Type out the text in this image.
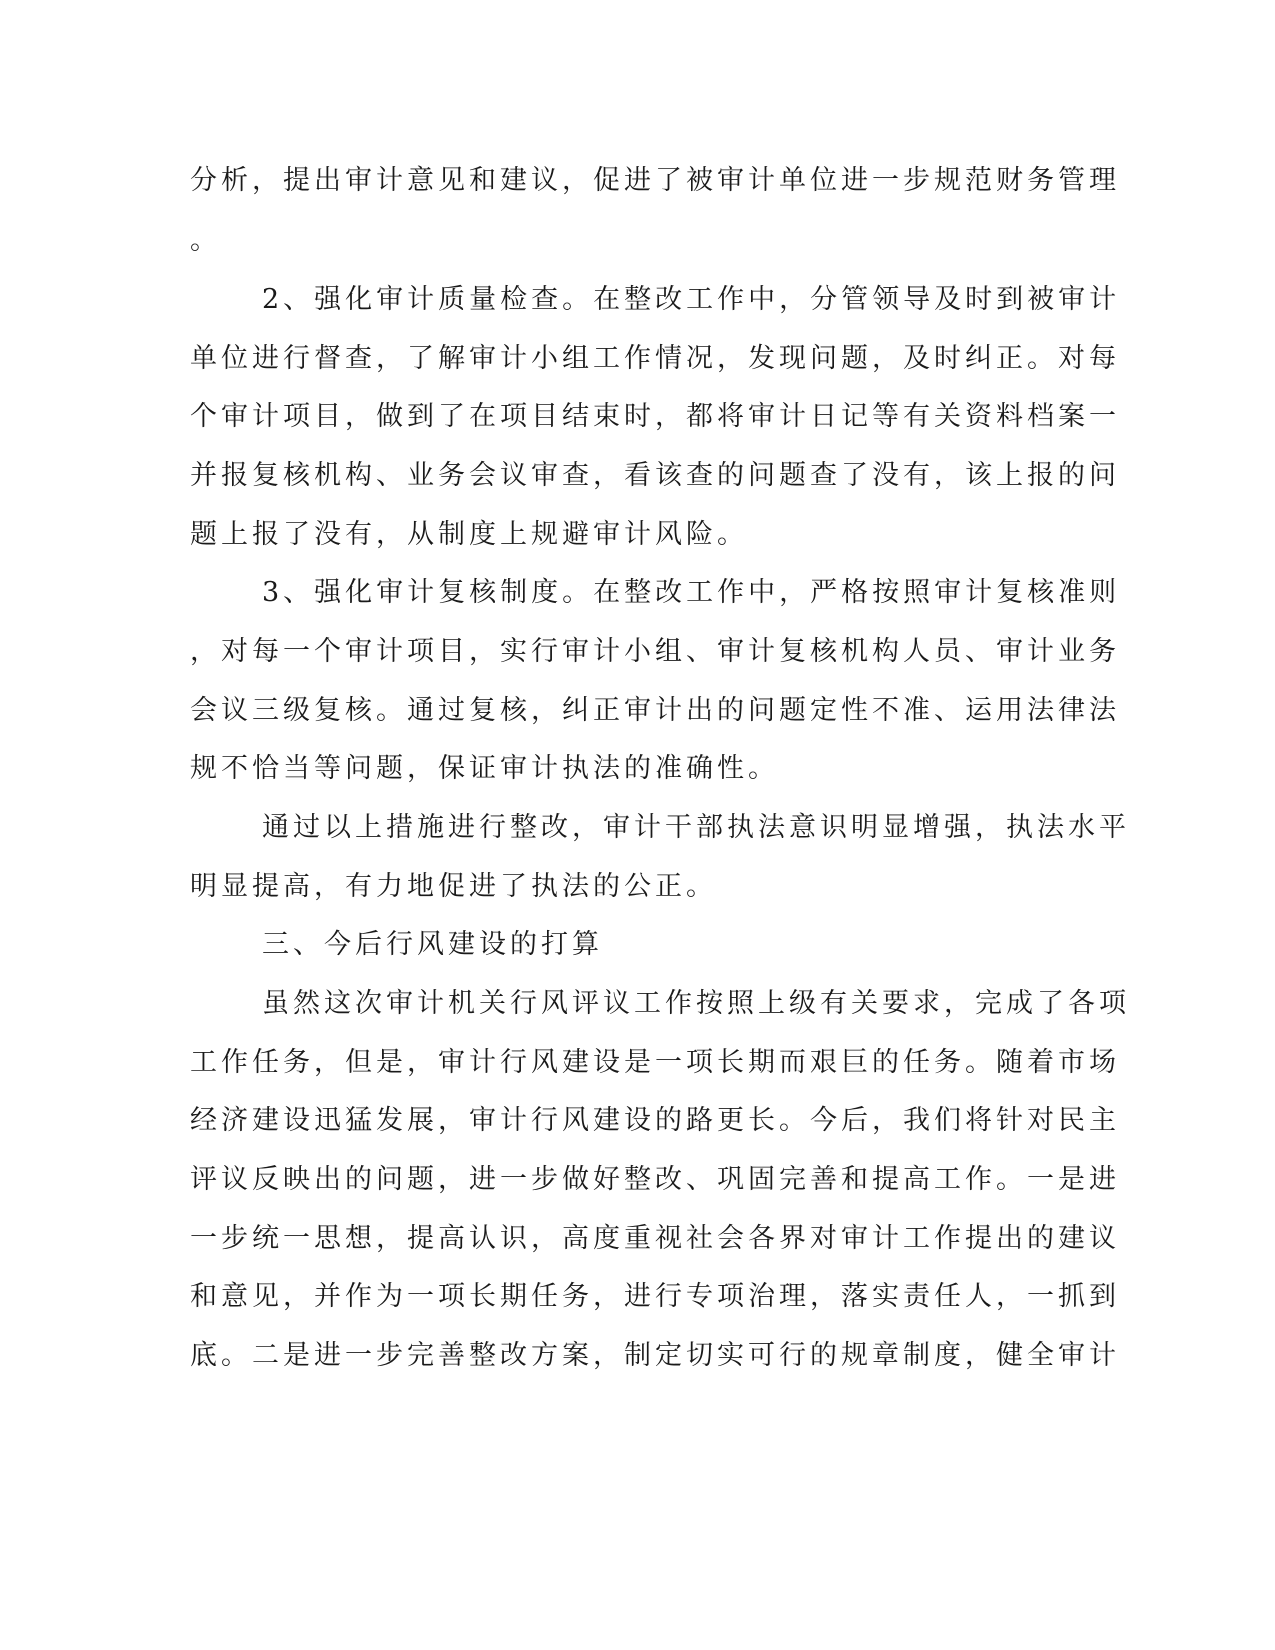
分析，提出审计意见和建议，促进了被审计单位进一步规范财务管理
。
2、强化审计质量检查。在整改工作中，分管领导及时到被审计
单位进行督查，了解审计小组工作情况，发现问题，及时纠正。对每
个审计项目，做到了在项目结束时，都将审计日记等有关资料档案一
并报复核机构、业务会议审查，看该查的问题查了没有，该上报的问
题上报了没有，从制度上规避审计风险。
3、强化审计复核制度。在整改工作中，严格按照审计复核准则
，对每一个审计项目，实行审计小组、审计复核机构人员、审计业务
会议三级复核。通过复核，纠正审计出的问题定性不准、运用法律法
规不恰当等问题，保证审计执法的准确性。
通过以上措施进行整改，审计干部执法意识明显增强，执法水平
明显提高，有力地促进了执法的公正。
三、今后行风建设的打算
虽然这次审计机关行风评议工作按照上级有关要求，完成了各项
工作任务，但是，审计行风建设是一项长期而艰巨的任务。随着市场
经济建设迅猛发展，审计行风建设的路更长。今后，我们将针对民主
评议反映出的问题，进一步做好整改、巩固完善和提高工作。一是进
一步统一思想，提高认识，高度重视社会各界对审计工作提出的建议
和意见，并作为一项长期任务，进行专项治理，落实责任人，一抓到
底。二是进一步完善整改方案，制定切实可行的规章制度，健全审计
